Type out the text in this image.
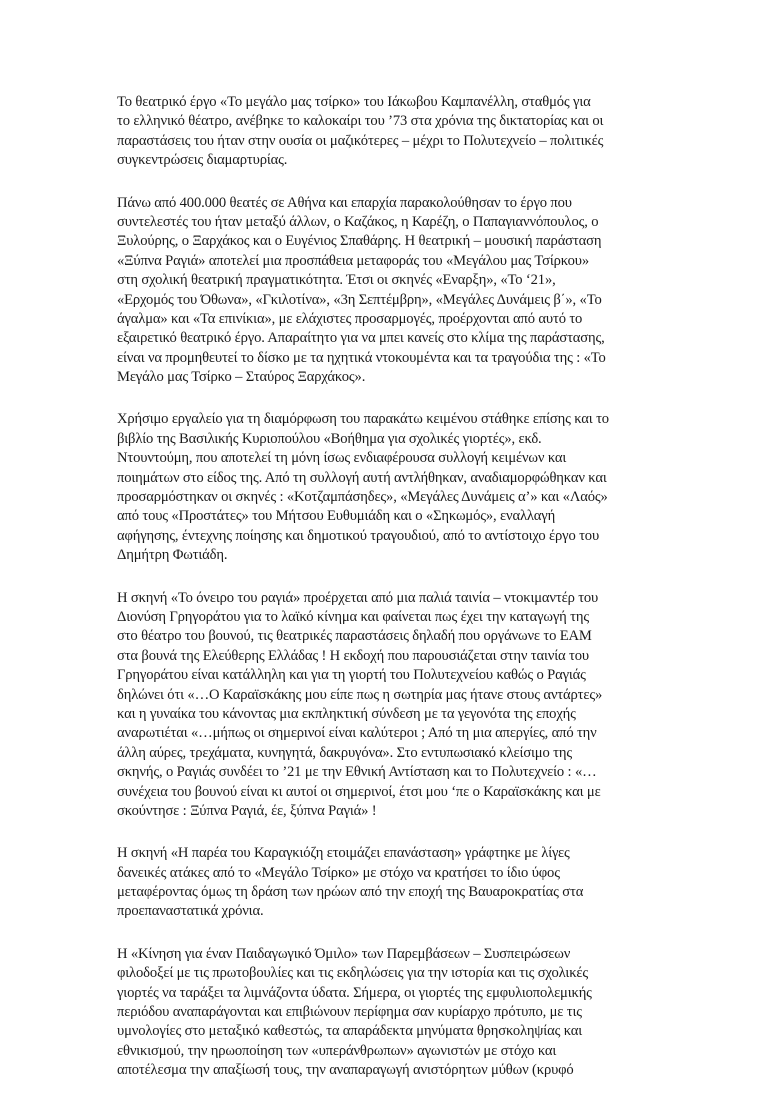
Το θεατρικό έργο «Το μεγάλο μας τσίρκο» του Ιάκωβου Καμπανέλλη, σταθμός για
το ελληνικό θέατρο, ανέβηκε το καλοκαίρι του ’73 στα χρόνια της δικτατορίας και οι
παραστάσεις του ήταν στην ουσία οι μαζικότερες – μέχρι το Πολυτεχνείο – πολιτικές
συγκεντρώσεις διαμαρτυρίας.

Πάνω από 400.000 θεατές σε Αθήνα και επαρχία παρακολούθησαν το έργο που
συντελεστές του ήταν μεταξύ άλλων, ο Καζάκος, η Καρέζη, ο Παπαγιαννόπουλος, ο
Ξυλούρης, ο Ξαρχάκος και ο Ευγένιος Σπαθάρης. Η θεατρική – μουσική παράσταση
«Ξύπνα Ραγιά» αποτελεί μια προσπάθεια μεταφοράς του «Μεγάλου μας Τσίρκου»
στη σχολική θεατρική πραγματικότητα. Έτσι οι σκηνές «Εναρξη», «Το ‘21»,
«Ερχομός του Όθωνα», «Γκιλοτίνα», «3η Σεπτέμβρη», «Μεγάλες Δυνάμεις β΄», «Το
άγαλμα» και «Τα επινίκια», με ελάχιστες προσαρμογές, προέρχονται από αυτό το
εξαιρετικό θεατρικό έργο. Απαραίτητο για να μπει κανείς στο κλίμα της παράστασης,
είναι να προμηθευτεί το δίσκο με τα ηχητικά ντοκουμέντα και τα τραγούδια της : «Το
Μεγάλο μας Τσίρκο – Σταύρος Ξαρχάκος».

Χρήσιμο εργαλείο για τη διαμόρφωση του παρακάτω κειμένου στάθηκε επίσης και το
βιβλίο της Βασιλικής Κυριοπούλου «Βοήθημα για σχολικές γιορτές», εκδ.
Ντουντούμη, που αποτελεί τη μόνη ίσως ενδιαφέρουσα συλλογή κειμένων και
ποιημάτων στο είδος της. Από τη συλλογή αυτή αντλήθηκαν, αναδιαμορφώθηκαν και
προσαρμόστηκαν οι σκηνές : «Κοτζαμπάσηδες», «Μεγάλες Δυνάμεις α’» και «Λαός»
από τους «Προστάτες» του Μήτσου Ευθυμιάδη και ο «Σηκωμός», εναλλαγή
αφήγησης, έντεχνης ποίησης και δημοτικού τραγουδιού, από το αντίστοιχο έργο του
Δημήτρη Φωτιάδη.

Η σκηνή «Το όνειρο του ραγιά» προέρχεται από μια παλιά ταινία – ντοκιμαντέρ του
Διονύση Γρηγοράτου για το λαϊκό κίνημα και φαίνεται πως έχει την καταγωγή της
στο θέατρο του βουνού, τις θεατρικές παραστάσεις δηλαδή που οργάνωνε το ΕΑΜ
στα βουνά της Ελεύθερης Ελλάδας ! Η εκδοχή που παρουσιάζεται στην ταινία του
Γρηγοράτου είναι κατάλληλη και για τη γιορτή του Πολυτεχνείου καθώς ο Ραγιάς
δηλώνει ότι «…Ο Καραϊσκάκης μου είπε πως η σωτηρία μας ήτανε στους αντάρτες»
και η γυναίκα του κάνοντας μια εκπληκτική σύνδεση με τα γεγονότα της εποχής
αναρωτιέται «…μήπως οι σημερινοί είναι καλύτεροι ; Από τη μια απεργίες, από την
άλλη αύρες, τρεχάματα, κυνηγητά, δακρυγόνα». Στο εντυπωσιακό κλείσιμο της
σκηνής, ο Ραγιάς συνδέει το ’21 με την Εθνική Αντίσταση και το Πολυτεχνείο : «…
συνέχεια του βουνού είναι κι αυτοί οι σημερινοί, έτσι μου ‘πε ο Καραϊσκάκης και με
σκούντησε : Ξύπνα Ραγιά, έε, ξύπνα Ραγιά» !

Η σκηνή «Η παρέα του Καραγκιόζη ετοιμάζει επανάσταση» γράφτηκε με λίγες
δανεικές ατάκες από το «Μεγάλο Τσίρκο» με στόχο να κρατήσει το ίδιο ύφος
μεταφέροντας όμως τη δράση των ηρώων από την εποχή της Βαυαροκρατίας στα
προεπαναστατικά χρόνια.

Η «Κίνηση για έναν Παιδαγωγικό Όμιλο» των Παρεμβάσεων – Συσπειρώσεων
φιλοδοξεί με τις πρωτοβουλίες και τις εκδηλώσεις για την ιστορία και τις σχολικές
γιορτές να ταράξει τα λιμνάζοντα ύδατα. Σήμερα, οι γιορτές της εμφυλιοπολεμικής
περιόδου αναπαράγονται και επιβιώνουν περίφημα σαν κυρίαρχο πρότυπο, με τις
υμνολογίες στο μεταξικό καθεστώς, τα απαράδεκτα μηνύματα θρησκοληψίας και
εθνικισμού, την ηρωοποίηση των «υπεράνθρωπων» αγωνιστών με στόχο και
αποτέλεσμα την απαξίωσή τους, την αναπαραγωγή ανιστόρητων μύθων (κρυφό
